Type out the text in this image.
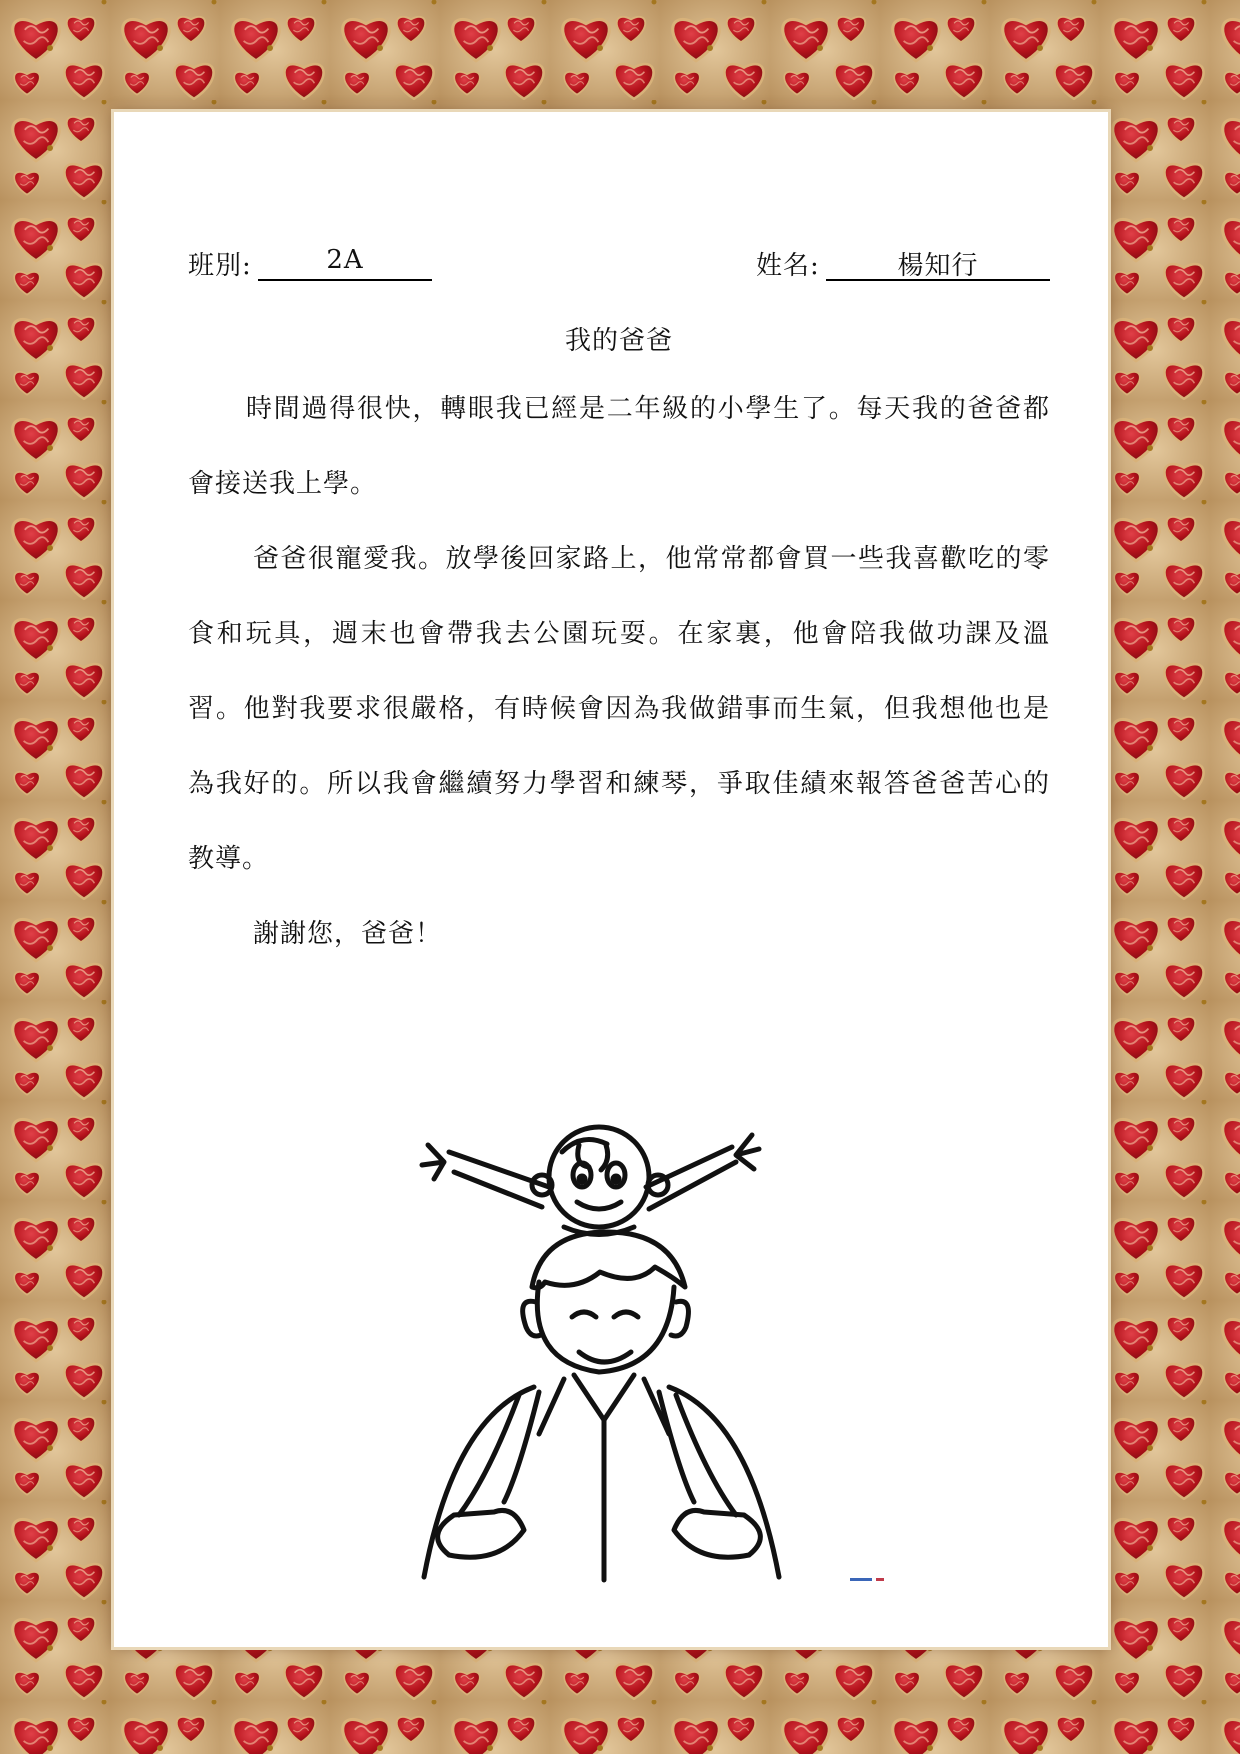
班別:	2A	姓名:	楊知行
我的爸爸

時間過得很快，轉眼我已經是二年級的小學生了。每天我的爸爸都會接送我上學。

爸爸很寵愛我。放學後回家路上，他常常都會買一些我喜歡吃的零食和玩具，週末也會帶我去公園玩耍。在家裏，他會陪我做功課及溫習。他對我要求很嚴格，有時候會因為我做錯事而生氣，但我想他也是為我好的。所以我會繼續努力學習和練琴，爭取佳績來報答爸爸苦心的教導。

謝謝您，爸爸！
